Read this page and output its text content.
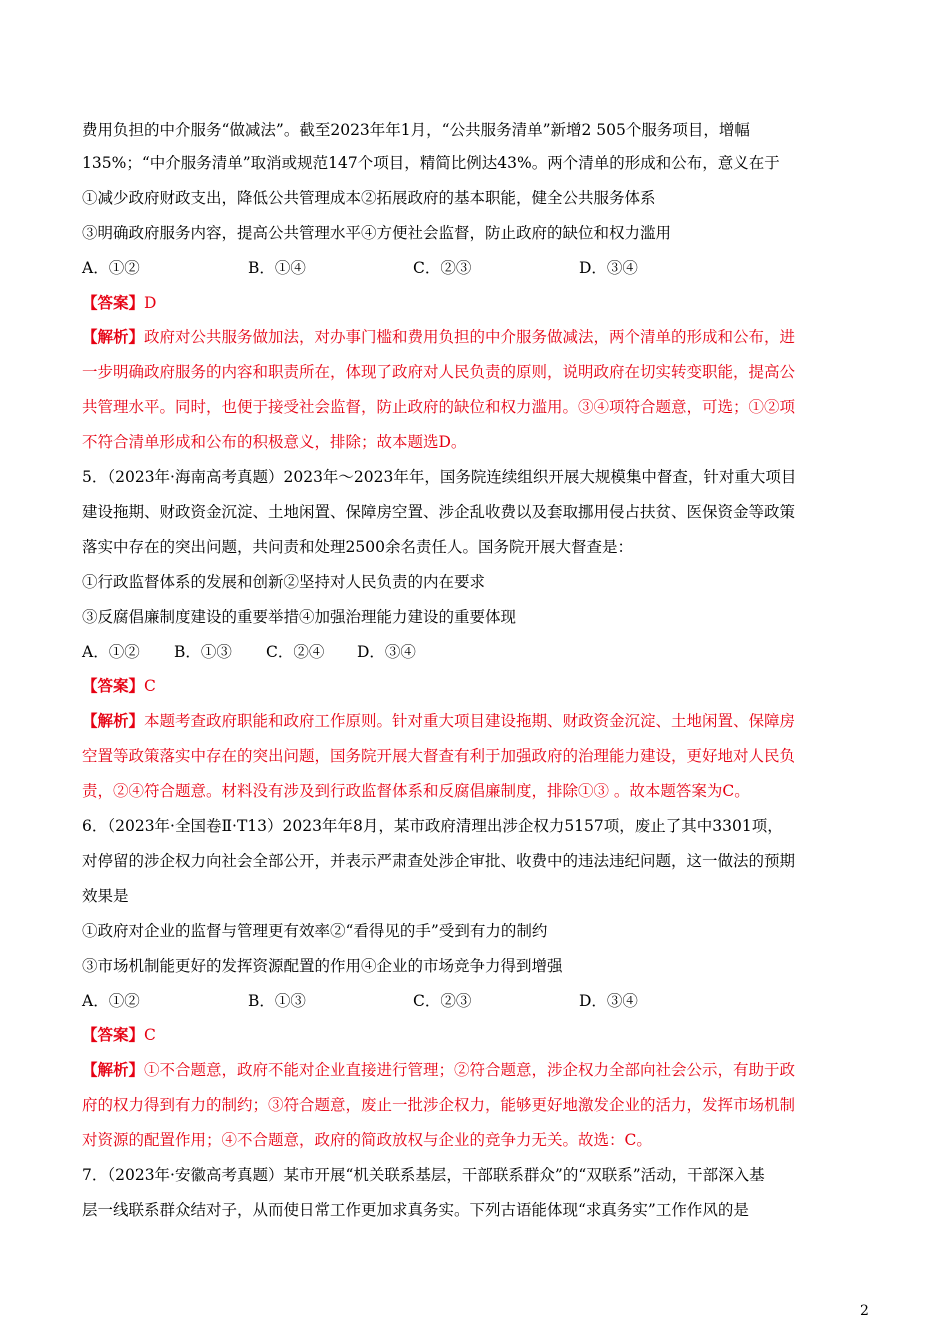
费用负担的中介服务“做减法”。截至2023年年1月，“公共服务清单”新增2 505个服务项目，增幅
135%；“中介服务清单”取消或规范147个项目，精简比例达43%。两个清单的形成和公布，意义在于
①减少政府财政支出，降低公共管理成本②拓展政府的基本职能，健全公共服务体系
③明确政府服务内容，提高公共管理水平④方便社会监督，防止政府的缺位和权力滥用
A．①②	B．①④	C．②③	D．③④
【答案】D
【解析】政府对公共服务做加法，对办事门槛和费用负担的中介服务做减法，两个清单的形成和公布，进
一步明确政府服务的内容和职责所在，体现了政府对人民负责的原则，说明政府在切实转变职能，提高公
共管理水平。同时，也便于接受社会监督，防止政府的缺位和权力滥用。③④项符合题意，可选；①②项
不符合清单形成和公布的积极意义，排除；故本题选D。
5．（2023年·海南高考真题）2023年～2023年年，国务院连续组织开展大规模集中督查，针对重大项目
建设拖期、财政资金沉淀、土地闲置、保障房空置、涉企乱收费以及套取挪用侵占扶贫、医保资金等政策
落实中存在的突出问题，共问责和处理2500余名责任人。国务院开展大督查是：
①行政监督体系的发展和创新②坚持对人民负责的内在要求
③反腐倡廉制度建设的重要举措④加强治理能力建设的重要体现
A．①② B．①③ C．②④ D．③④
【答案】C
【解析】本题考查政府职能和政府工作原则。针对重大项目建设拖期、财政资金沉淀、土地闲置、保障房
空置等政策落实中存在的突出问题，国务院开展大督查有利于加强政府的治理能力建设，更好地对人民负
责，②④符合题意。材料没有涉及到行政监督体系和反腐倡廉制度，排除①③ 。故本题答案为C。
6．（2023年·全国卷Ⅱ·T13）2023年年8月，某市政府清理出涉企权力5157项，废止了其中3301项，
对停留的涉企权力向社会全部公开，并表示严肃查处涉企审批、收费中的违法违纪问题，这一做法的预期
效果是
①政府对企业的监督与管理更有效率②“看得见的手”受到有力的制约
③市场机制能更好的发挥资源配置的作用④企业的市场竞争力得到增强
A．①②	B．①③	C．②③	D．③④
【答案】C
【解析】①不合题意，政府不能对企业直接进行管理；②符合题意，涉企权力全部向社会公示，有助于政
府的权力得到有力的制约；③符合题意，废止一批涉企权力，能够更好地激发企业的活力，发挥市场机制
对资源的配置作用；④不合题意，政府的简政放权与企业的竞争力无关。故选：C。
7．（2023年·安徽高考真题）某市开展“机关联系基层，干部联系群众”的“双联系”活动，干部深入基
层一线联系群众结对子，从而使日常工作更加求真务实。下列古语能体现“求真务实”工作作风的是
2
